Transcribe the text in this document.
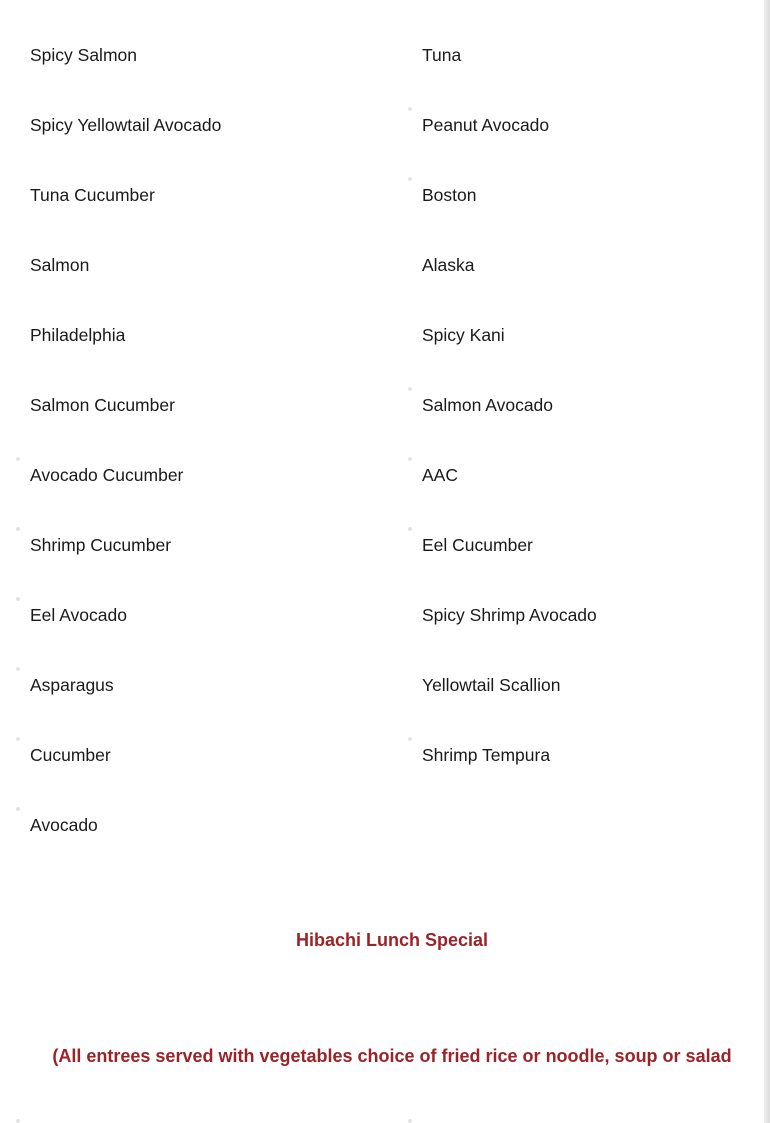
Spicy Salmon	Tuna
Spicy Yellowtail Avocado	Peanut Avocado
Tuna Cucumber	Boston
Salmon	Alaska
Philadelphia	Spicy Kani
Salmon Cucumber	Salmon Avocado
Avocado Cucumber	AAC
Shrimp Cucumber	Eel Cucumber
Eel Avocado	Spicy Shrimp Avocado
Asparagus	Yellowtail Scallion
Cucumber	Shrimp Tempura
Avocado
Hibachi Lunch Special
(All entrees served with vegetables choice of fried rice or noodle, soup or salad
